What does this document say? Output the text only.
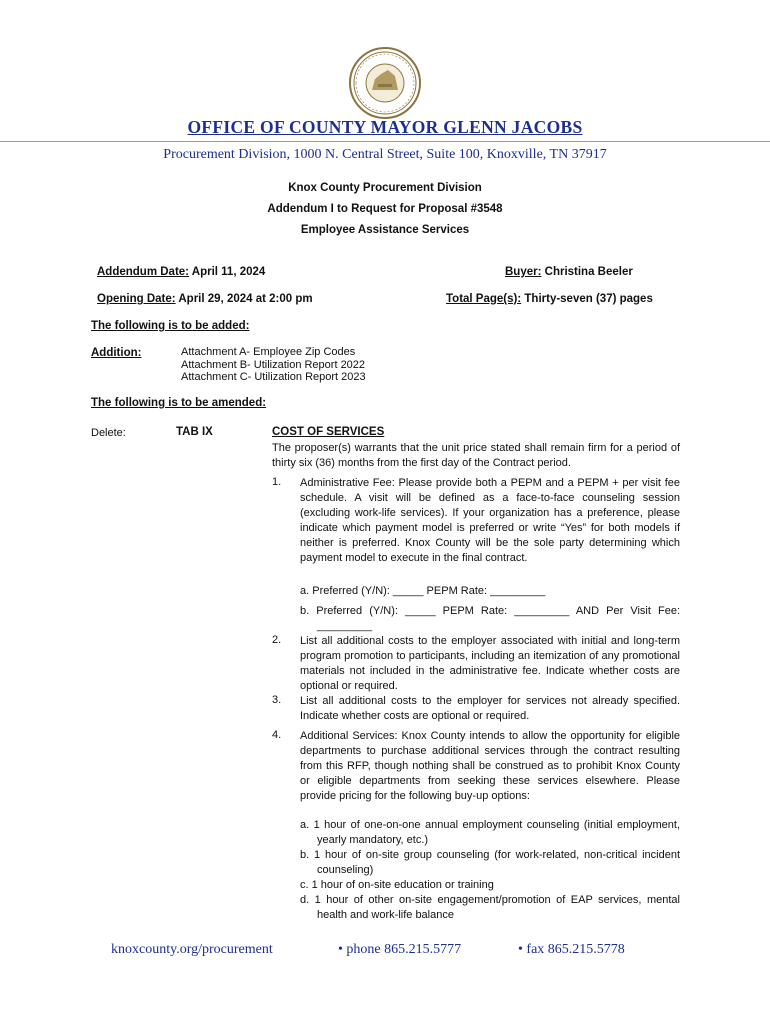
OFFICE OF COUNTY MAYOR GLENN JACOBS
Procurement Division, 1000 N. Central Street, Suite 100, Knoxville, TN 37917
Knox County Procurement Division
Addendum I to Request for Proposal #3548
Employee Assistance Services
Addendum Date: April 11, 2024	Buyer: Christina Beeler
Opening Date: April 29, 2024 at 2:00 pm	Total Page(s): Thirty-seven (37) pages
The following is to be added:
Addition:	Attachment A- Employee Zip Codes
Attachment B- Utilization Report 2022
Attachment C- Utilization Report 2023
The following is to be amended:
Delete:	TAB IX	COST OF SERVICES
The proposer(s) warrants that the unit price stated shall remain firm for a period of thirty six (36) months from the first day of the Contract period.
1. Administrative Fee: Please provide both a PEPM and a PEPM + per visit fee schedule. A visit will be defined as a face-to-face counseling session (excluding work-life services). If your organization has a preference, please indicate which payment model is preferred or write “Yes” for both models if neither is preferred. Knox County will be the sole party determining which payment model to execute in the final contract.
a. Preferred (Y/N): _____ PEPM Rate: _________
b. Preferred (Y/N): _____ PEPM Rate: _________ AND Per Visit Fee: _________
2. List all additional costs to the employer associated with initial and long-term program promotion to participants, including an itemization of any promotional materials not included in the administrative fee. Indicate whether costs are optional or required.
3. List all additional costs to the employer for services not already specified. Indicate whether costs are optional or required.
4. Additional Services: Knox County intends to allow the opportunity for eligible departments to purchase additional services through the contract resulting from this RFP, though nothing shall be construed as to prohibit Knox County or eligible departments from seeking these services elsewhere. Please provide pricing for the following buy-up options:
a. 1 hour of one-on-one annual employment counseling (initial employment, yearly mandatory, etc.)
b. 1 hour of on-site group counseling (for work-related, non-critical incident counseling)
c. 1 hour of on-site education or training
d. 1 hour of other on-site engagement/promotion of EAP services, mental health and work-life balance
knoxcounty.org/procurement	• phone 865.215.5777	• fax 865.215.5778
